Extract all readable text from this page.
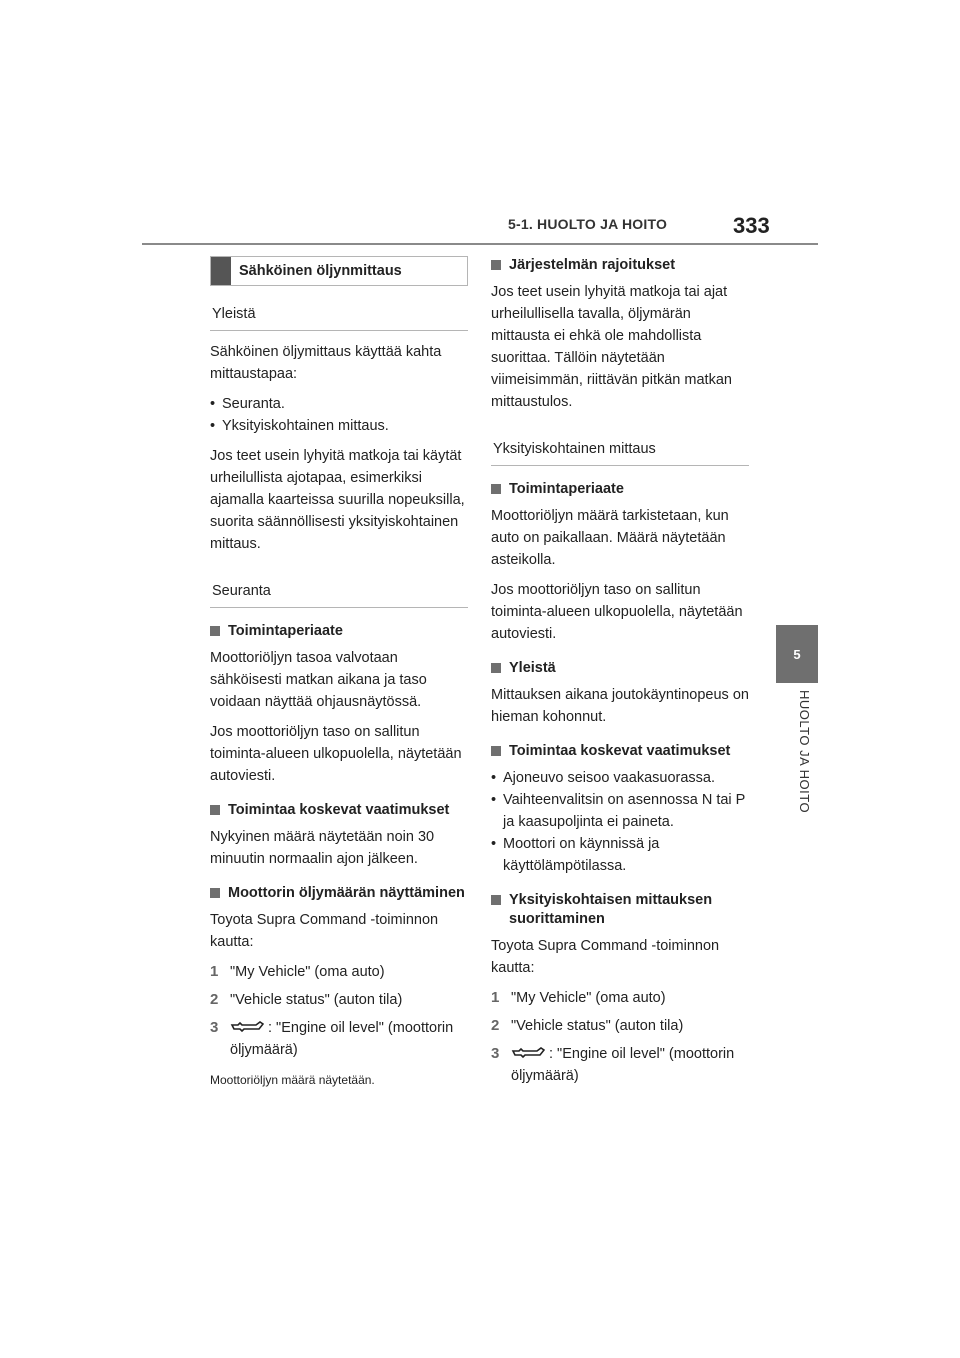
5-1. HUOLTO JA HOITO	333
5
HUOLTO JA HOITO
Sähköinen öljynmittaus
Yleistä

Sähköinen öljymittaus käyttää kahta mittaustapaa:

• Seuranta.
• Yksityiskohtainen mittaus.

Jos teet usein lyhyitä matkoja tai käytät urheilullista ajotapaa, esimerkiksi ajamalla kaarteissa suurilla nopeuksilla, suorita säännöllisesti yksityiskohtainen mittaus.

Seuranta
Toimintaperiaate

Moottoriöljyn tasoa valvotaan sähköisesti matkan aikana ja taso voidaan näyttää ohjausnäytössä.

Jos moottoriöljyn taso on sallitun toiminta-alueen ulkopuolella, näytetään autoviesti.

Toimintaa koskevat vaatimukset

Nykyinen määrä näytetään noin 30 minuutin normaalin ajon jälkeen.

Moottorin öljymäärän näyttäminen

Toyota Supra Command -toiminnon kautta:

1 "My Vehicle" (oma auto)
2 "Vehicle status" (auton tila)
3	: "Engine oil level" (moottorin öljymäärä)

Moottoriöljyn määrä näytetään.

Järjestelmän rajoitukset

Jos teet usein lyhyitä matkoja tai ajat urheilullisella tavalla, öljymärän mittausta ei ehkä ole mahdollista suorittaa. Tällöin näytetään viimeisimmän, riittävän pitkän matkan mittaustulos.

Yksityiskohtainen mittaus
Toimintaperiaate

Moottoriöljyn määrä tarkistetaan, kun auto on paikallaan. Määrä näytetään asteikolla.

Jos moottoriöljyn taso on sallitun toiminta-alueen ulkopuolella, näytetään autoviesti.

Yleistä

Mittauksen aikana joutokäyntinopeus on hieman kohonnut.

Toimintaa koskevat vaatimukset
• Ajoneuvo seisoo vaakasuorassa.
• Vaihteenvalitsin on asennossa N tai P ja kaasupoljinta ei paineta.
• Moottori on käynnissä ja käyttölämpötilassa.
Yksityiskohtaisen mittauksen suorittaminen

Toyota Supra Command -toiminnon kautta:

1 "My Vehicle" (oma auto)
2 "Vehicle status" (auton tila)
3	: "Engine oil level" (moottorin öljymäärä)
